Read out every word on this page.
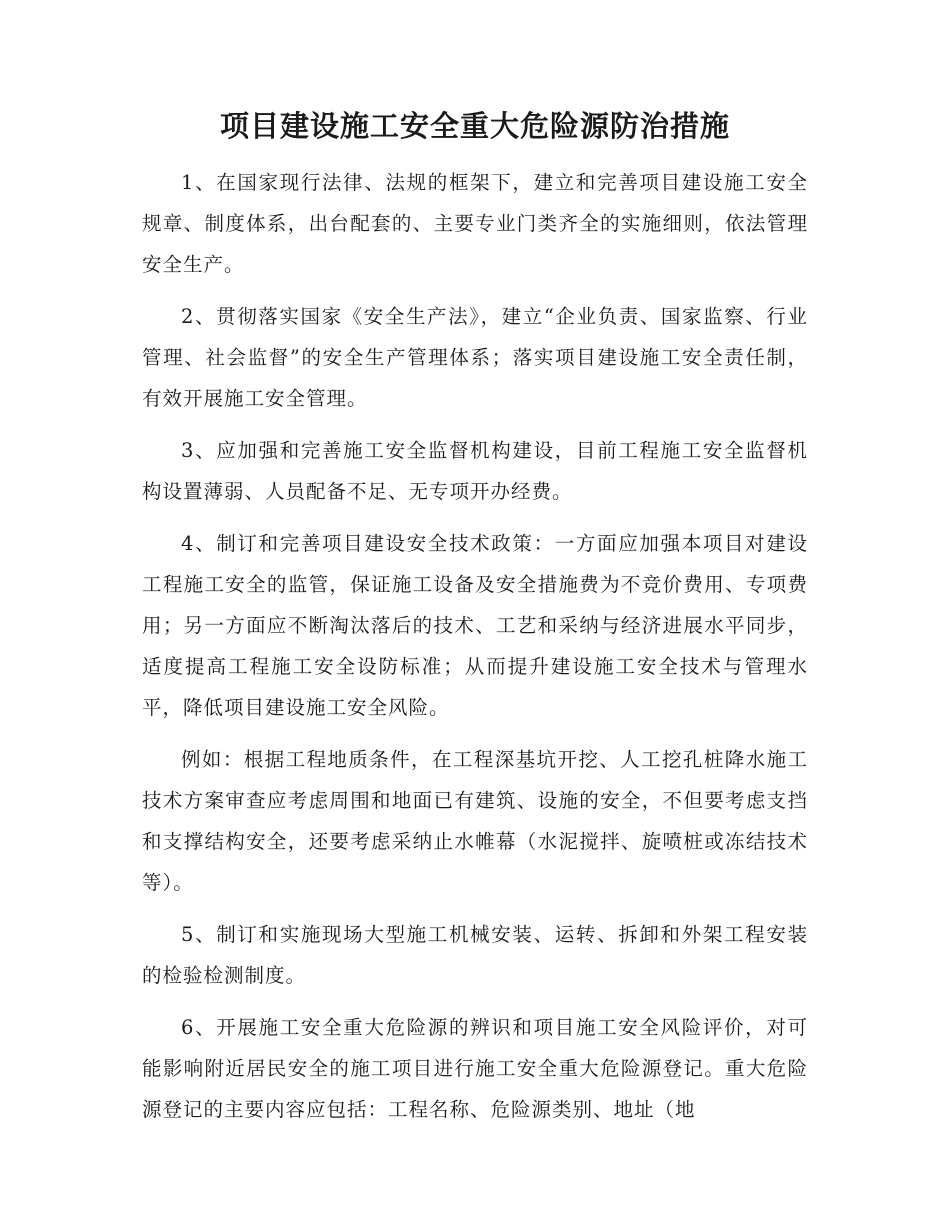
项目建设施工安全重大危险源防治措施

1、在国家现行法律、法规的框架下，建立和完善项目建设施工安全规章、制度体系，出台配套的、主要专业门类齐全的实施细则，依法管理安全生产。

2、贯彻落实国家《安全生产法》，建立“企业负责、国家监察、行业管理、社会监督”的安全生产管理体系；落实项目建设施工安全责任制，有效开展施工安全管理。

3、应加强和完善施工安全监督机构建设，目前工程施工安全监督机构设置薄弱、人员配备不足、无专项开办经费。

4、制订和完善项目建设安全技术政策：一方面应加强本项目对建设工程施工安全的监管，保证施工设备及安全措施费为不竞价费用、专项费用；另一方面应不断淘汰落后的技术、工艺和采纳与经济进展水平同步，适度提高工程施工安全设防标准；从而提升建设施工安全技术与管理水平，降低项目建设施工安全风险。

例如：根据工程地质条件，在工程深基坑开挖、人工挖孔桩降水施工技术方案审查应考虑周围和地面已有建筑、设施的安全，不但要考虑支挡和支撑结构安全，还要考虑采纳止水帷幕（水泥搅拌、旋喷桩或冻结技术等）。

5、制订和实施现场大型施工机械安装、运转、拆卸和外架工程安装的检验检测制度。

6、开展施工安全重大危险源的辨识和项目施工安全风险评价，对可能影响附近居民安全的施工项目进行施工安全重大危险源登记。重大危险源登记的主要内容应包括：工程名称、危险源类别、地址（地
